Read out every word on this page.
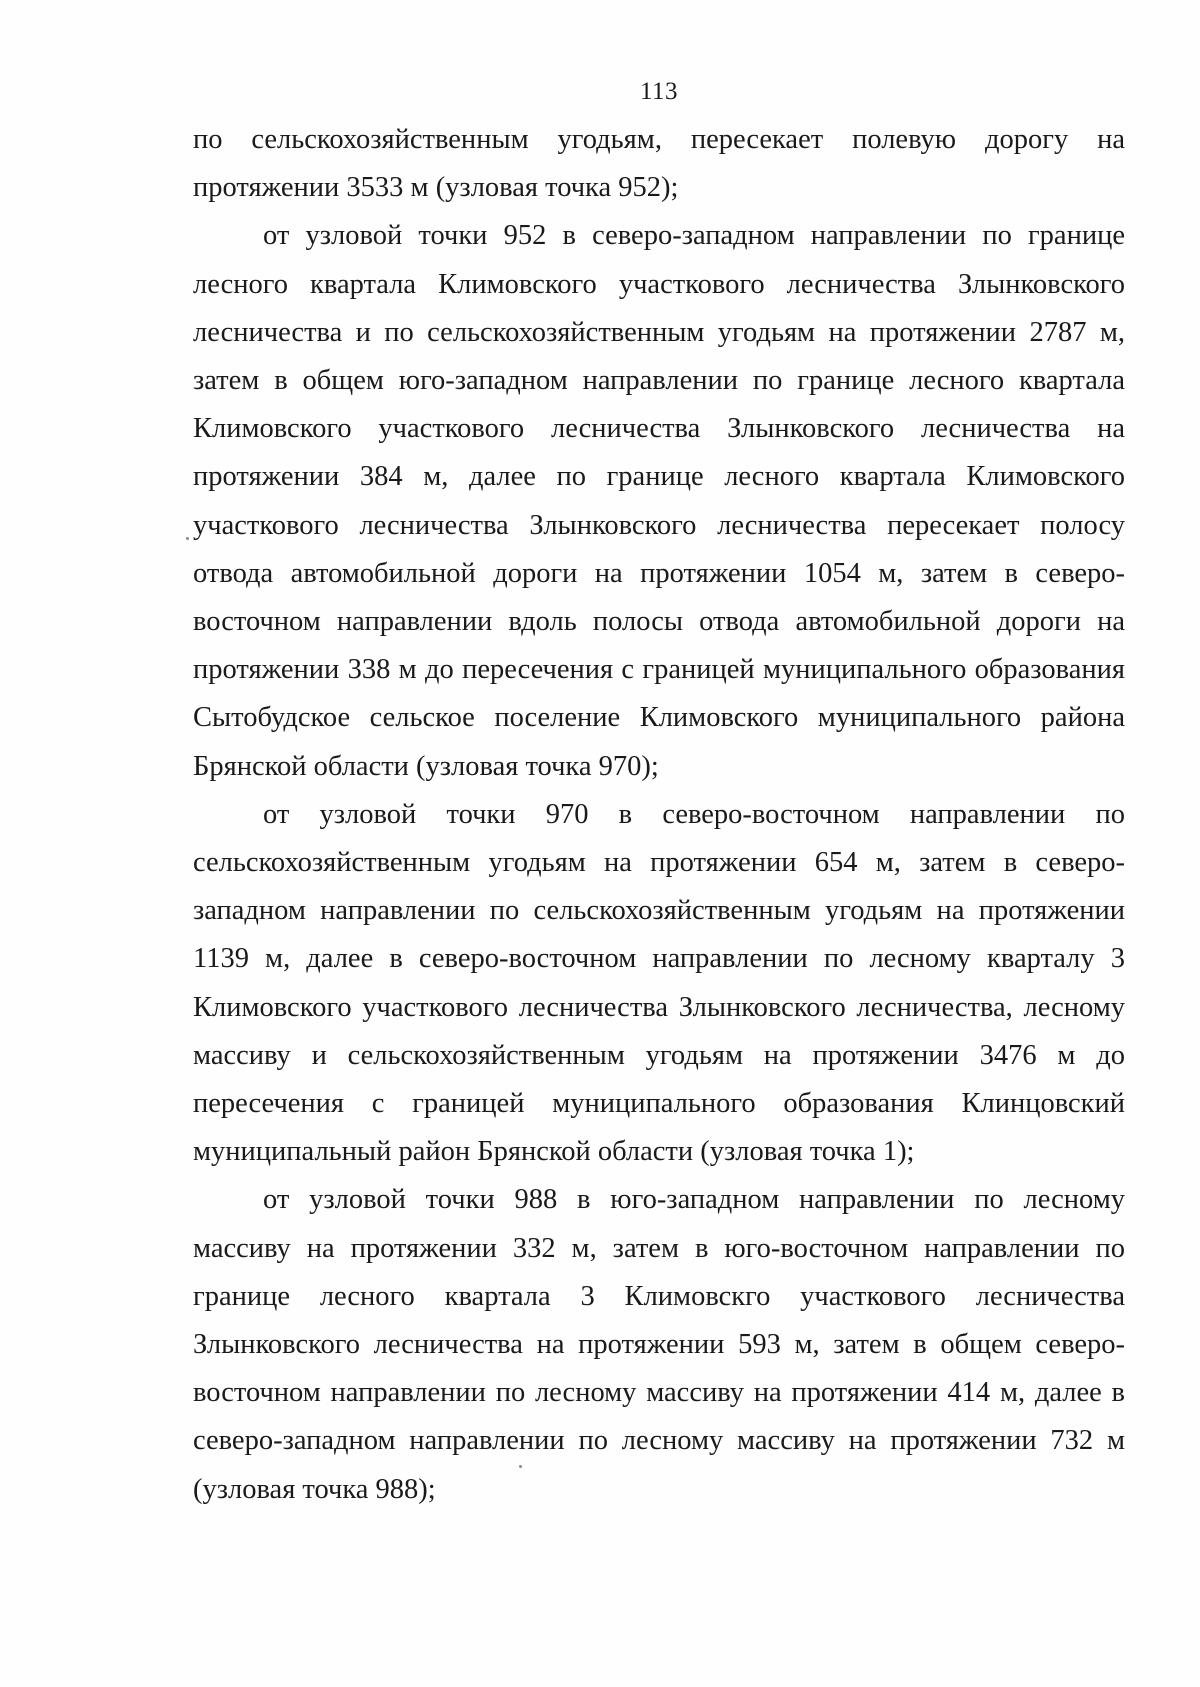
113

по сельскохозяйственным угодьям, пересекает полевую дорогу на протяжении 3533 м (узловая точка 952);

от узловой точки 952 в северо-западном направлении по границе лесного квартала Климовского участкового лесничества Злынковского лесничества и по сельскохозяйственным угодьям на протяжении 2787 м, затем в общем юго-западном направлении по границе лесного квартала Климовского участкового лесничества Злынковского лесничества на протяжении 384 м, далее по границе лесного квартала Климовского участкового лесничества Злынковского лесничества пересекает полосу отвода автомобильной дороги на протяжении 1054 м, затем в северо-восточном направлении вдоль полосы отвода автомобильной дороги на протяжении 338 м до пересечения с границей муниципального образования Сытобудское сельское поселение Климовского муниципального района Брянской области (узловая точка 970);

от узловой точки 970 в северо-восточном направлении по сельскохозяйственным угодьям на протяжении 654 м, затем в северо-западном направлении по сельскохозяйственным угодьям на протяжении 1139 м, далее в северо-восточном направлении по лесному кварталу 3 Климовского участкового лесничества Злынковского лесничества, лесному массиву и сельскохозяйственным угодьям на протяжении 3476 м до пересечения с границей муниципального образования Клинцовский муниципальный район Брянской области (узловая точка 1);

от узловой точки 988 в юго-западном направлении по лесному массиву на протяжении 332 м, затем в юго-восточном направлении по границе лесного квартала 3 Климовскго участкового лесничества Злынковского лесничества на протяжении 593 м, затем в общем северо-восточном направлении по лесному массиву на протяжении 414 м, далее в северо-западном направлении по лесному массиву на протяжении 732 м (узловая точка 988);
